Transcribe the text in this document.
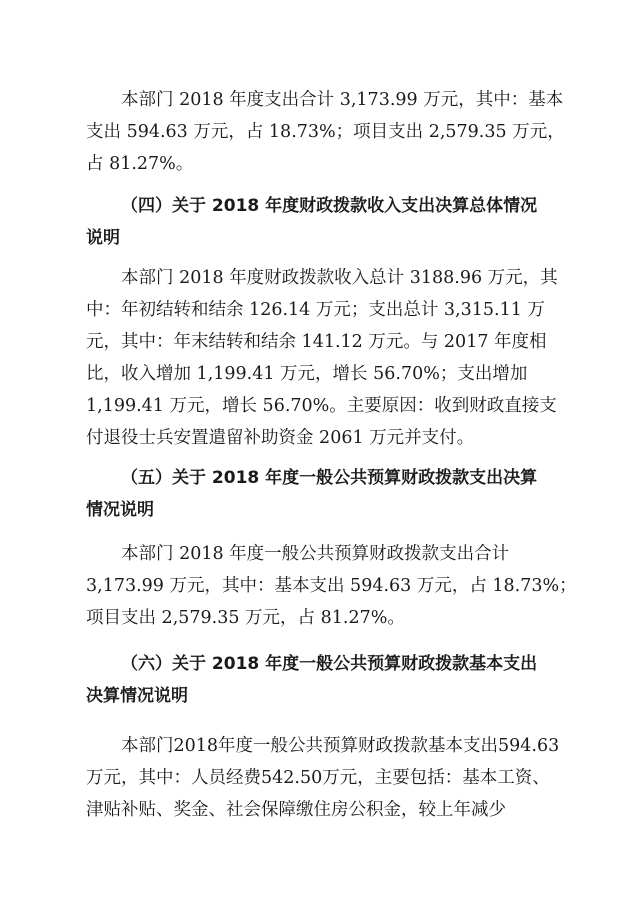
本部门 2018 年度支出合计 3,173.99 万元，其中：基本
支出 594.63 万元，占 18.73%；项目支出 2,579.35 万元，
占 81.27%。

（四）关于 2018 年度财政拨款收入支出决算总体情况
说明

本部门 2018 年度财政拨款收入总计 3188.96 万元，其
中：年初结转和结余 126.14 万元；支出总计 3,315.11 万
元，其中：年末结转和结余 141.12 万元。与 2017 年度相
比，收入增加 1,199.41 万元，增长 56.70%；支出增加
1,199.41 万元，增长 56.70%。主要原因：收到财政直接支
付退役士兵安置遣留补助资金 2061 万元并支付。

（五）关于 2018 年度一般公共预算财政拨款支出决算
情况说明

本部门 2018 年度一般公共预算财政拨款支出合计
3,173.99 万元，其中：基本支出 594.63 万元，占 18.73%；
项目支出 2,579.35 万元，占 81.27%。

（六）关于 2018 年度一般公共预算财政拨款基本支出
决算情况说明

本部门2018年度一般公共预算财政拨款基本支出594.63
万元，其中：人员经费542.50万元，主要包括：基本工资、
津贴补贴、奖金、社会保障缴住房公积金，较上年减少
